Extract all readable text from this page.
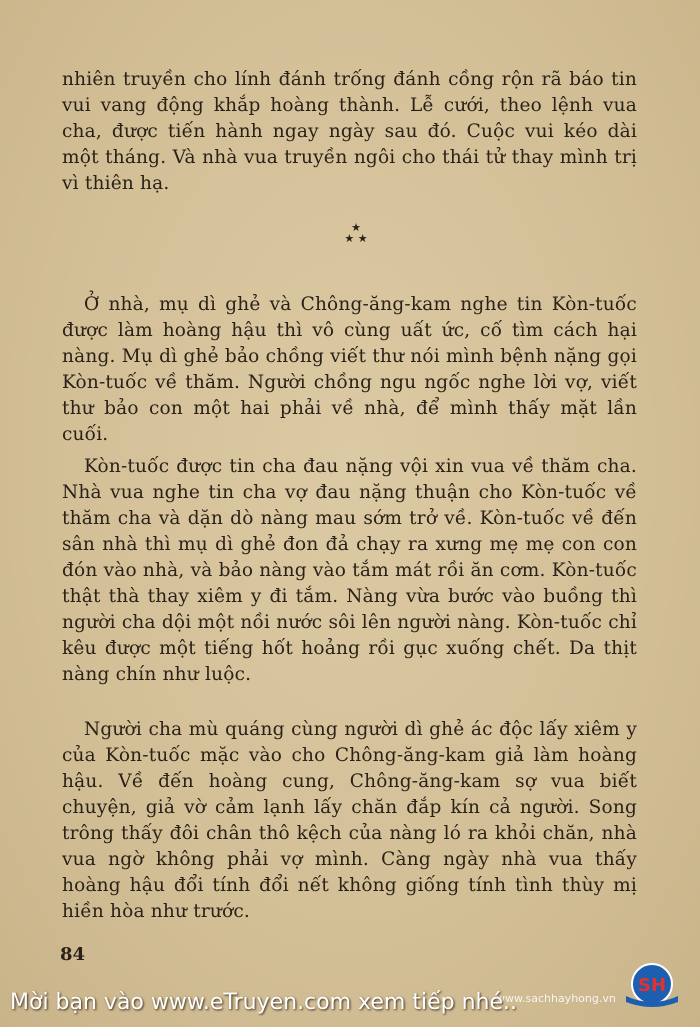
nhiên truyền cho lính đánh trống đánh cồng rộn rã báo tin vui vang động khắp hoàng thành. Lễ cưới, theo lệnh vua cha, được tiến hành ngay ngày sau đó. Cuộc vui kéo dài một tháng. Và nhà vua truyền ngôi cho thái tử thay mình trị vì thiên hạ.

★
★ ★

Ở nhà, mụ dì ghẻ và Chông-ăng-kam nghe tin Kòn-tuốc được làm hoàng hậu thì vô cùng uất ức, cố tìm cách hại nàng. Mụ dì ghẻ bảo chồng viết thư nói mình bệnh nặng gọi Kòn-tuốc về thăm. Người chồng ngu ngốc nghe lời vợ, viết thư bảo con một hai phải về nhà, để mình thấy mặt lần cuối.

Kòn-tuốc được tin cha đau nặng vội xin vua về thăm cha. Nhà vua nghe tin cha vợ đau nặng thuận cho Kòn-tuốc về thăm cha và dặn dò nàng mau sớm trở về. Kòn-tuốc về đến sân nhà thì mụ dì ghẻ đon đả chạy ra xưng mẹ mẹ con con đón vào nhà, và bảo nàng vào tắm mát rồi ăn cơm. Kòn-tuốc thật thà thay xiêm y đi tắm. Nàng vừa bước vào buồng thì người cha dội một nồi nước sôi lên người nàng. Kòn-tuốc chỉ kêu được một tiếng hốt hoảng rồi gục xuống chết. Da thịt nàng chín như luộc.

Người cha mù quáng cùng người dì ghẻ ác độc lấy xiêm y của Kòn-tuốc mặc vào cho Chông-ăng-kam giả làm hoàng hậu. Về đến hoàng cung, Chông-ăng-kam sợ vua biết chuyện, giả vờ cảm lạnh lấy chăn đắp kín cả người. Song trông thấy đôi chân thô kệch của nàng ló ra khỏi chăn, nhà vua ngờ không phải vợ mình. Càng ngày nhà vua thấy hoàng hậu đổi tính đổi nết không giống tính tình thùy mị hiền hòa như trước.

84
www.sachhayhong.vn
SH
Mời bạn vào www.eTruyen.com xem tiếp nhé..
